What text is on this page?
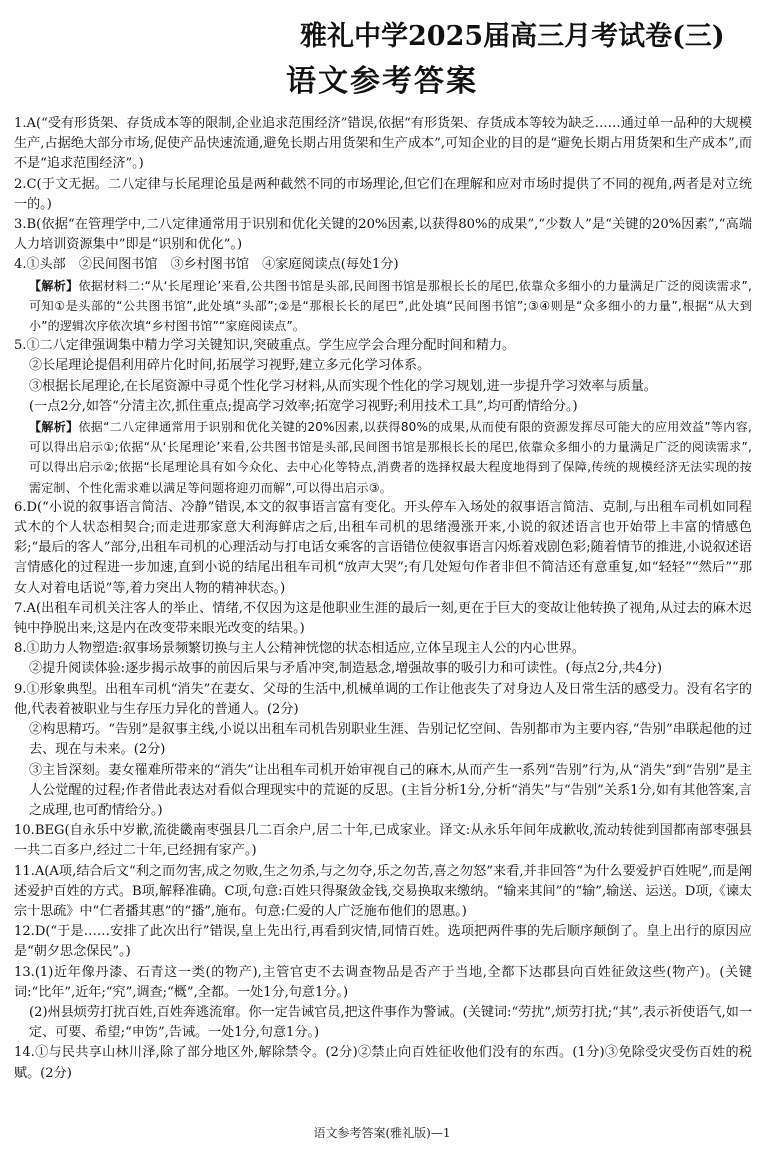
雅礼中学2025届高三月考试卷(三)
语文参考答案

1.A(“受有形货架、存货成本等的限制,企业追求范围经济”错误,依据“有形货架、存货成本等较为缺乏……通过单一品种的大规模生产,占据绝大部分市场,促使产品快速流通,避免长期占用货架和生产成本”,可知企业的目的是“避免长期占用货架和生产成本”,而不是“追求范围经济”。)

2.C(于文无据。二八定律与长尾理论虽是两种截然不同的市场理论,但它们在理解和应对市场时提供了不同的视角,两者是对立统一的。)

3.B(依据“在管理学中,二八定律通常用于识别和优化关键的20%因素,以获得80%的成果”,“少数人”是“关键的20%因素”,“高端人力培训资源集中”即是“识别和优化”。)

4.①头部　②民间图书馆　③乡村图书馆　④家庭阅读点(每处1分)

【解析】依据材料二:“从‘长尾理论’来看,公共图书馆是头部,民间图书馆是那根长长的尾巴,依靠众多细小的力量满足广泛的阅读需求”,可知①是头部的“公共图书馆”,此处填“头部”;②是“那根长长的尾巴”,此处填“民间图书馆”;③④则是“众多细小的力量”,根据“从大到小”的逻辑次序依次填“乡村图书馆”“家庭阅读点”。

5.①二八定律强调集中精力学习关键知识,突破重点。学生应学会合理分配时间和精力。

②长尾理论提倡利用碎片化时间,拓展学习视野,建立多元化学习体系。

③根据长尾理论,在长尾资源中寻觅个性化学习材料,从而实现个性化的学习规划,进一步提升学习效率与质量。

(一点2分,如答“分清主次,抓住重点;提高学习效率;拓宽学习视野;利用技术工具”,均可酌情给分。)

【解析】依据“二八定律通常用于识别和优化关键的20%因素,以获得80%的成果,从而使有限的资源发挥尽可能大的应用效益”等内容,可以得出启示①;依据“从‘长尾理论’来看,公共图书馆是头部,民间图书馆是那根长长的尾巴,依靠众多细小的力量满足广泛的阅读需求”,可以得出启示②;依据“长尾理论具有如今众化、去中心化等特点,消费者的选择权最大程度地得到了保障,传统的规模经济无法实现的按需定制、个性化需求难以满足等问题将迎刃而解”,可以得出启示③。

6.D(“小说的叙事语言简洁、冷静”错误,本文的叙事语言富有变化。开头停车入场处的叙事语言简洁、克制,与出租车司机如同程式木的个人状态相契合;而走进那家意大利海鲜店之后,出租车司机的思绪漫涨开来,小说的叙述语言也开始带上丰富的情感色彩;“最后的客人”部分,出租车司机的心理活动与打电话女乘客的言语错位使叙事语言闪烁着戏剧色彩;随着情节的推进,小说叙述语言情感化的过程进一步加速,直到小说的结尾出租车司机“放声大哭”;有几处短句作者非但不简洁还有意重复,如“轻轻”“然后”“那女人对着电话说”等,着力突出人物的精神状态。)

7.A(出租车司机关注客人的举止、情绪,不仅因为这是他职业生涯的最后一刻,更在于巨大的变故让他转换了视角,从过去的麻木迟钝中挣脱出来,这是内在改变带来眼光改变的结果。)

8.①助力人物塑造:叙事场景频繁切换与主人公精神恍惚的状态相适应,立体呈现主人公的内心世界。

②提升阅读体验:逐步揭示故事的前因后果与矛盾冲突,制造悬念,增强故事的吸引力和可读性。(每点2分,共4分)

9.①形象典型。出租车司机“消失”在妻女、父母的生活中,机械单调的工作让他丧失了对身边人及日常生活的感受力。没有名字的他,代表着被职业与生存压力异化的普通人。(2分)

②构思精巧。“告别”是叙事主线,小说以出租车司机告别职业生涯、告别记忆空间、告别都市为主要内容,“告别”串联起他的过去、现在与未来。(2分)

③主旨深刻。妻女罹难所带来的“消失”让出租车司机开始审视自己的麻木,从而产生一系列“告别”行为,从“消失”到“告别”是主人公觉醒的过程;作者借此表达对看似合理现实中的荒诞的反思。(主旨分析1分,分析“消失”与“告别”关系1分,如有其他答案,言之成理,也可酌情给分。)

10.BEG(自永乐中岁歉,流徙畿南枣强县几二百余户,居二十年,已成家业。译文:从永乐年间年成歉收,流动转徙到国都南部枣强县一共二百多户,经过二十年,已经拥有家产。)

11.A(A项,结合后文“利之而勿害,成之勿败,生之勿杀,与之勿夺,乐之勿苦,喜之勿怒”来看,并非回答“为什么要爱护百姓呢”,而是阐述爱护百姓的方式。B项,解释准确。C项,句意:百姓只得聚敛金钱,交易换取来缴纳。“输来其间”的“输”,输送、运送。D项,《谏太宗十思疏》中“仁者播其惠”的“播”,施布。句意:仁爱的人广泛施布他们的恩惠。)

12.D(“于是……安排了此次出行”错误,皇上先出行,再看到灾情,同情百姓。选项把两件事的先后顺序颠倒了。皇上出行的原因应是“朝夕思念保民”。)

13.(1)近年像丹漆、石青这一类(的物产),主管官吏不去调查物品是否产于当地,全都下达郡县向百姓征敛这些(物产)。(关键词:“比年”,近年;“究”,调查;“概”,全都。一处1分,句意1分。)

(2)州县烦劳打扰百姓,百姓奔逃流窜。你一定告诫官员,把这件事作为警诫。(关键词:“劳扰”,烦劳打扰;“其”,表示祈使语气,如一定、可要、希望;“申饬”,告诫。一处1分,句意1分。)

14.①与民共享山林川泽,除了部分地区外,解除禁令。(2分)②禁止向百姓征收他们没有的东西。(1分)③免除受灾受伤百姓的税赋。(2分)

语文参考答案(雅礼版)—1
